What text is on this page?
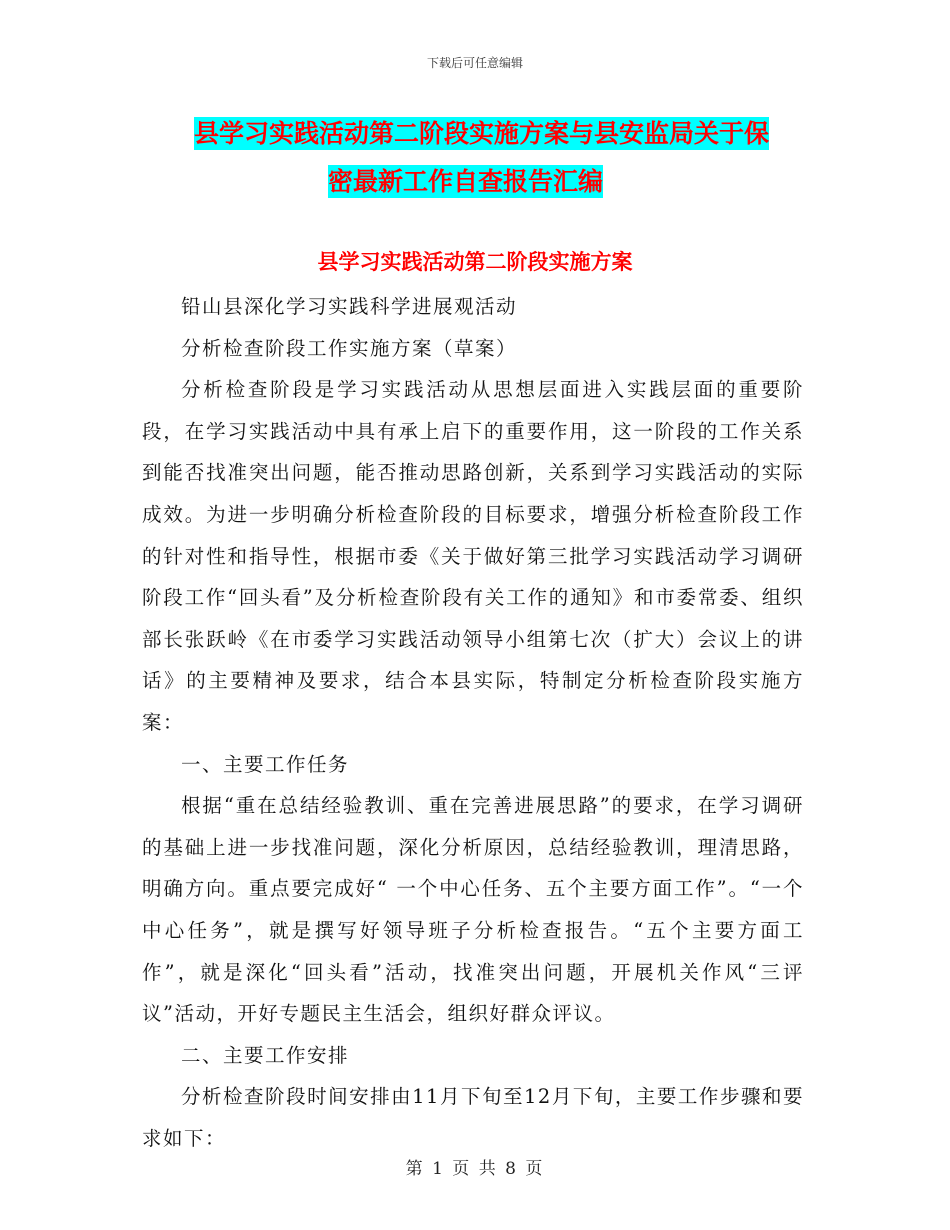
下载后可任意编辑
县学习实践活动第二阶段实施方案与县安监局关于保
密最新工作自查报告汇编
县学习实践活动第二阶段实施方案

铅山县深化学习实践科学进展观活动

分析检查阶段工作实施方案（草案）

分析检查阶段是学习实践活动从思想层面进入实践层面的重要阶段，在学习实践活动中具有承上启下的重要作用，这一阶段的工作关系到能否找准突出问题，能否推动思路创新，关系到学习实践活动的实际成效。为进一步明确分析检查阶段的目标要求，增强分析检查阶段工作的针对性和指导性，根据市委《关于做好第三批学习实践活动学习调研阶段工作“回头看”及分析检查阶段有关工作的通知》和市委常委、组织部长张跃岭《在市委学习实践活动领导小组第七次（扩大）会议上的讲话》的主要精神及要求，结合本县实际，特制定分析检查阶段实施方案：

一、主要工作任务

根据“重在总结经验教训、重在完善进展思路”的要求，在学习调研的基础上进一步找准问题，深化分析原因，总结经验教训，理清思路，明确方向。重点要完成好“ 一个中心任务、五个主要方面工作”。“一个中心任务”，就是撰写好领导班子分析检查报告。“五个主要方面工作”，就是深化“回头看”活动，找准突出问题，开展机关作风“三评议”活动，开好专题民主生活会，组织好群众评议。

二、主要工作安排

分析检查阶段时间安排由11月下旬至12月下旬，主要工作步骤和要求如下：

第 1 页 共 8 页
